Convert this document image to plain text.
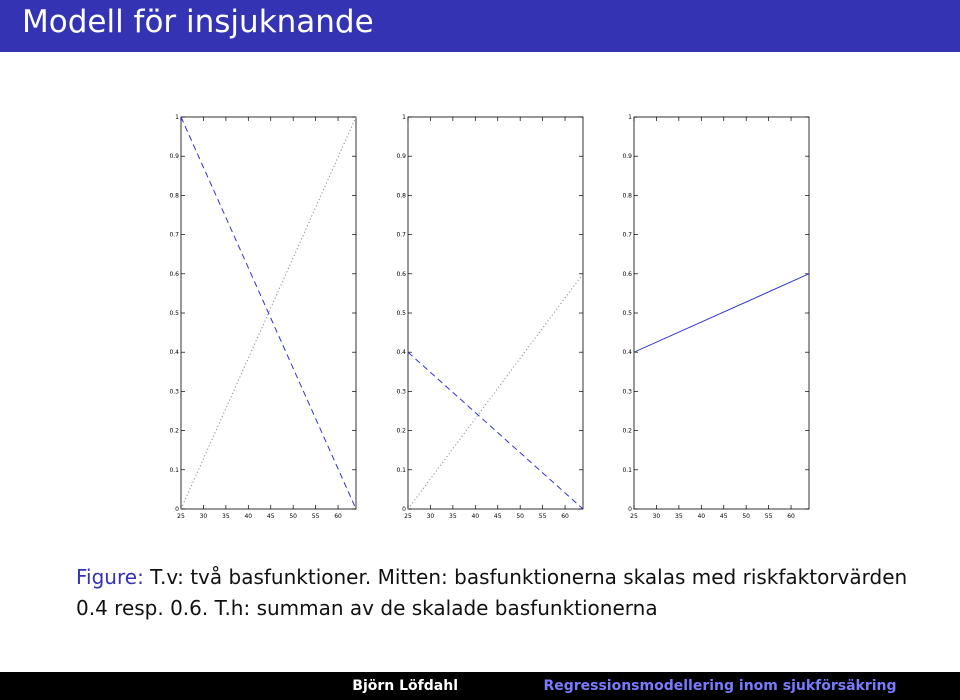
Modell för insjuknande
0
0.1
0.2
0.3
0.4
0.5
0.6
0.7
0.8
0.9
1
25 30 35 40 45 50 55 60
0
0.1
0.2
0.3
0.4
0.5
0.6
0.7
0.8
0.9
1
25 30 35 40 45 50 55 60
0
0.1
0.2
0.3
0.4
0.5
0.6
0.7
0.8
0.9
1
25 30 35 40 45 50 55 60
Figure: T.v: två basfunktioner. Mitten: basfunktionerna skalas med riskfaktorvärden 0.4 resp. 0.6. T.h: summan av de skalade basfunktionerna
Björn Löfdahl	Regressionsmodellering inom sjukförsäkring
